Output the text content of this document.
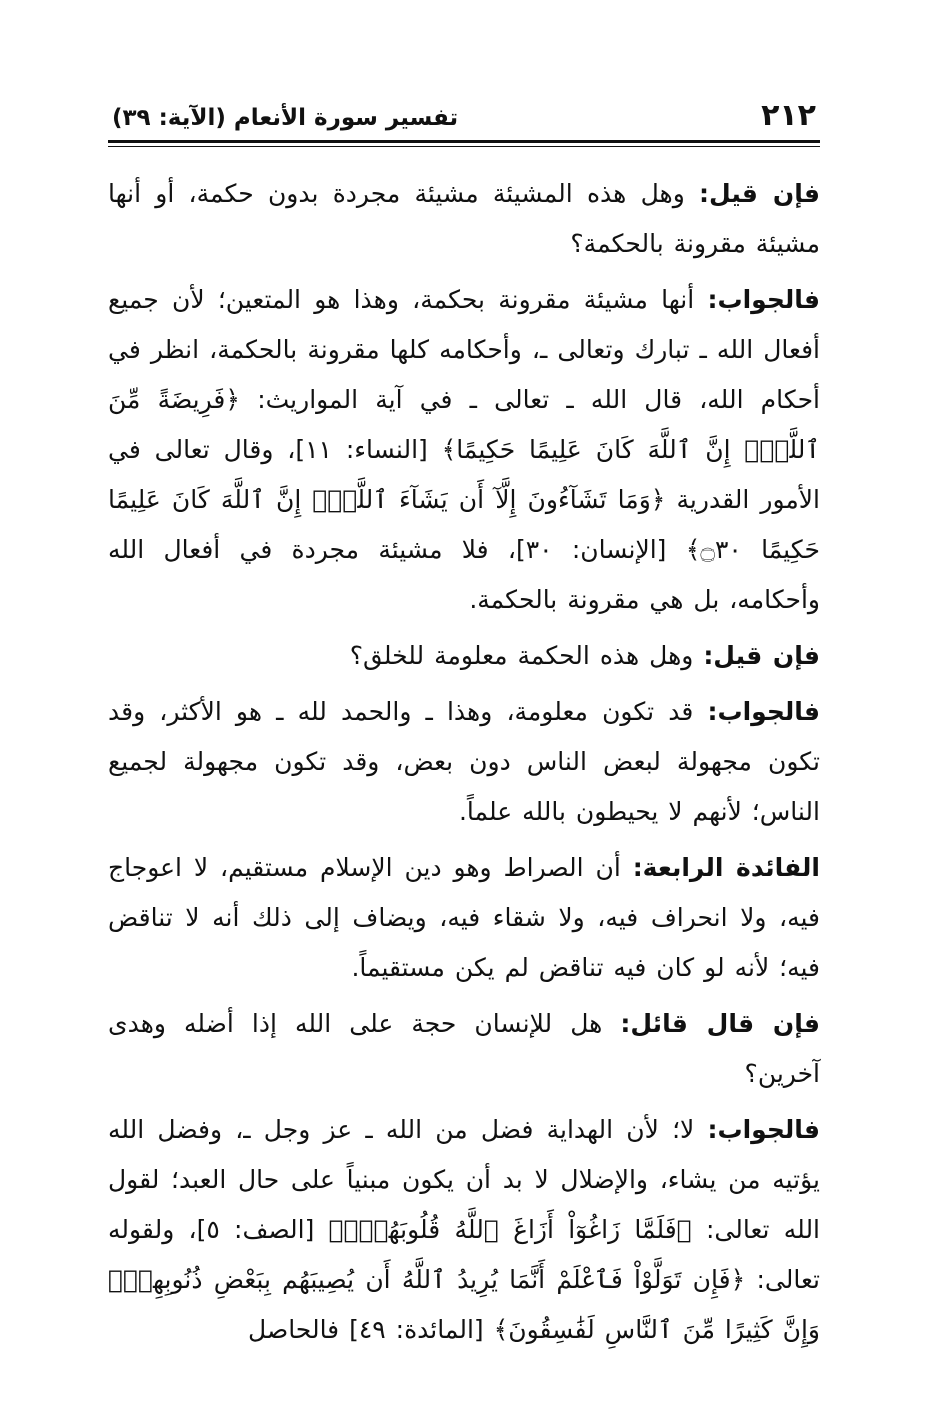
٢١٢
تفسير سورة الأنعام (الآية: ٣٩)

فإن قيل: وهل هذه المشيئة مشيئة مجردة بدون حكمة، أو أنها مشيئة مقرونة بالحكمة؟

فالجواب: أنها مشيئة مقرونة بحكمة، وهذا هو المتعين؛ لأن جميع أفعال الله ـ تبارك وتعالى ـ، وأحكامه كلها مقرونة بالحكمة، انظر في أحكام الله، قال الله ـ تعالى ـ في آية المواريث: ﴿فَرِيضَةً مِّنَ ٱللَّهِۗ إِنَّ ٱللَّهَ كَانَ عَلِيمًا حَكِيمًا﴾ [النساء: ١١]، وقال تعالى في الأمور القدرية ﴿وَمَا تَشَآءُونَ إِلَّآ أَن يَشَآءَ ٱللَّهُۚ إِنَّ ٱللَّهَ كَانَ عَلِيمًا حَكِيمًا ۝٣٠﴾ [الإنسان: ٣٠]، فلا مشيئة مجردة في أفعال الله وأحكامه، بل هي مقرونة بالحكمة.

فإن قيل: وهل هذه الحكمة معلومة للخلق؟

فالجواب: قد تكون معلومة، وهذا ـ والحمد لله ـ هو الأكثر، وقد تكون مجهولة لبعض الناس دون بعض، وقد تكون مجهولة لجميع الناس؛ لأنهم لا يحيطون بالله علماً.

الفائدة الرابعة: أن الصراط وهو دين الإسلام مستقيم، لا اعوجاج فيه، ولا انحراف فيه، ولا شقاء فيه، ويضاف إلى ذلك أنه لا تناقض فيه؛ لأنه لو كان فيه تناقض لم يكن مستقيماً.

فإن قال قائل: هل للإنسان حجة على الله إذا أضله وهدى آخرين؟

فالجواب: لا؛ لأن الهداية فضل من الله ـ عز وجل ـ، وفضل الله يؤتيه من يشاء، والإضلال لا بد أن يكون مبنياً على حال العبد؛ لقول الله تعالى: ﴿فَلَمَّا زَاغُوٓاْ أَزَاغَ ٱللَّهُ قُلُوبَهُمْۚ﴾ [الصف: ٥]، ولقوله تعالى: ﴿فَإِن تَوَلَّوْاْ فَٱعْلَمْ أَنَّمَا يُرِيدُ ٱللَّهُ أَن يُصِيبَهُم بِبَعْضِ ذُنُوبِهِمْۗ وَإِنَّ كَثِيرًا مِّنَ ٱلنَّاسِ لَفَٰسِقُونَ﴾ [المائدة: ٤٩] فالحاصل
